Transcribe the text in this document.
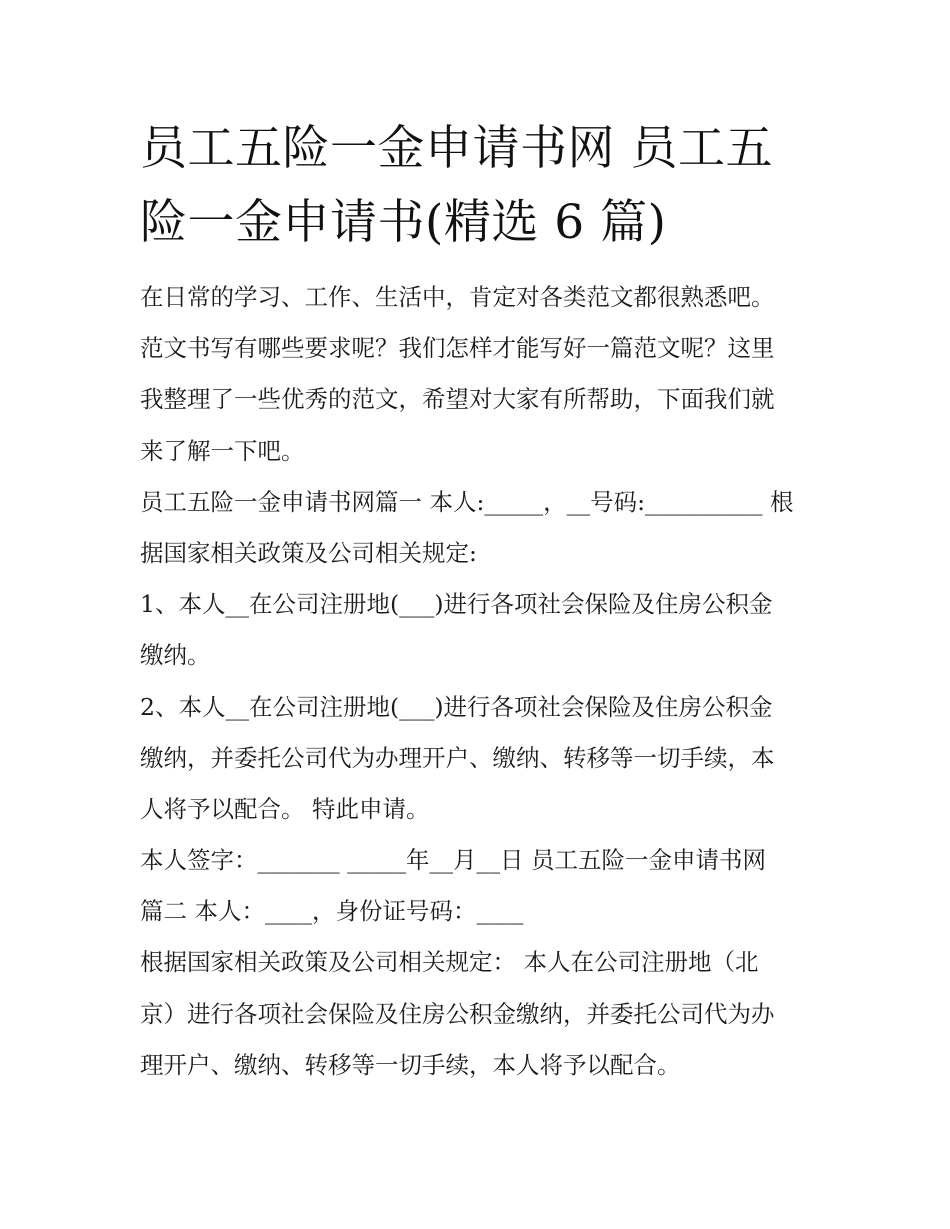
员工五险一金申请书网 员工五
险一金申请书(精选 6 篇)
在日常的学习、工作、生活中，肯定对各类范文都很熟悉吧。
范文书写有哪些要求呢？我们怎样才能写好一篇范文呢？这里
我整理了一些优秀的范文，希望对大家有所帮助，下面我们就
来了解一下吧。
员工五险一金申请书网篇一 本人:_____，__号码:__________ 根
据国家相关政策及公司相关规定:
1、本人__在公司注册地(___)进行各项社会保险及住房公积金
缴纳。
2、本人__在公司注册地(___)进行各项社会保险及住房公积金
缴纳，并委托公司代为办理开户、缴纳、转移等一切手续，本
人将予以配合。 特此申请。
本人签字：_______ _____年__月__日 员工五险一金申请书网
篇二 本人：____，身份证号码：____
根据国家相关政策及公司相关规定： 本人在公司注册地（北
京）进行各项社会保险及住房公积金缴纳，并委托公司代为办
理开户、缴纳、转移等一切手续，本人将予以配合。
